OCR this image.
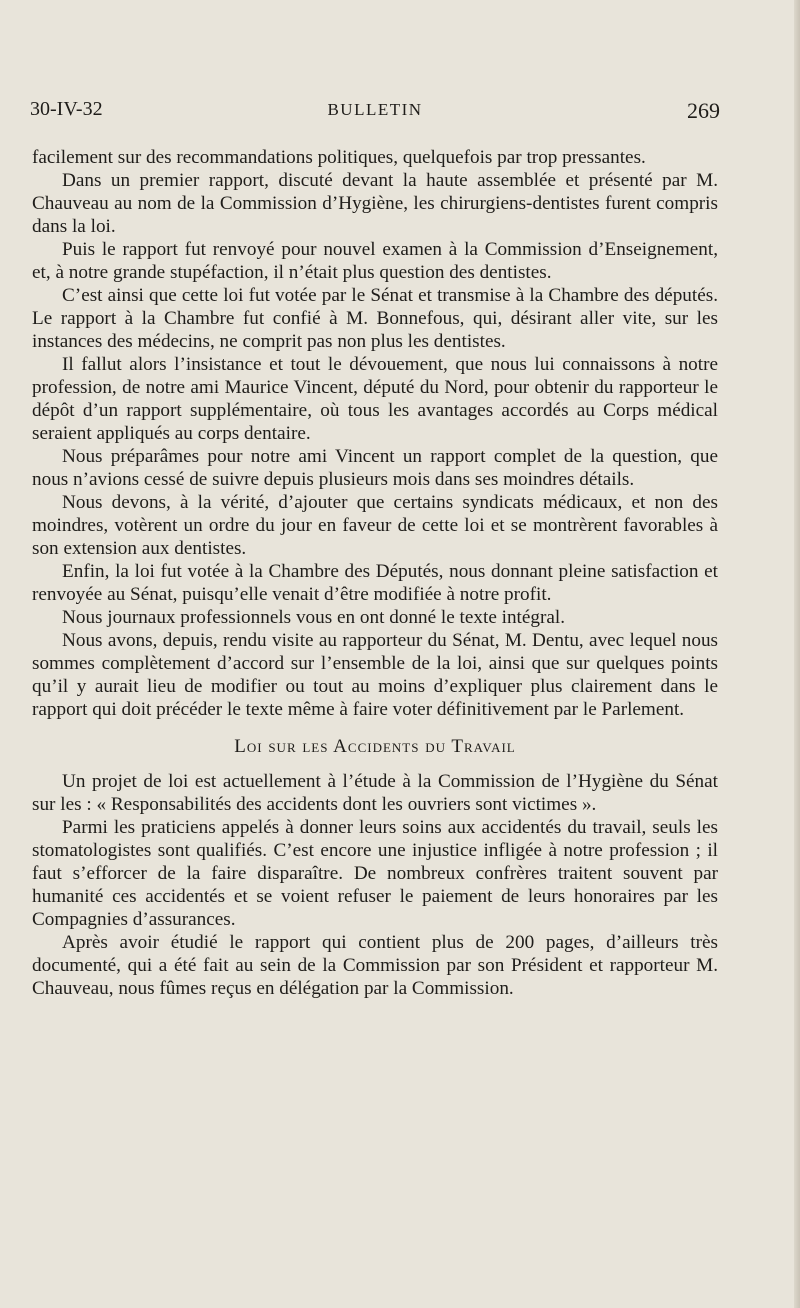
30-IV-32	BULLETIN	269

facilement sur des recommandations politiques, quelquefois par trop pressantes.

Dans un premier rapport, discuté devant la haute assemblée et présenté par M. Chauveau au nom de la Commission d’Hygiène, les chirurgiens-dentistes furent compris dans la loi.

Puis le rapport fut renvoyé pour nouvel examen à la Commission d’Enseignement, et, à notre grande stupéfaction, il n’était plus question des dentistes.

C’est ainsi que cette loi fut votée par le Sénat et transmise à la Chambre des députés. Le rapport à la Chambre fut confié à M. Bonnefous, qui, désirant aller vite, sur les instances des médecins, ne comprit pas non plus les dentistes.

Il fallut alors l’insistance et tout le dévouement, que nous lui connaissons à notre profession, de notre ami Maurice Vincent, député du Nord, pour obtenir du rapporteur le dépôt d’un rapport supplémentaire, où tous les avantages accordés au Corps médical seraient appliqués au corps dentaire.

Nous préparâmes pour notre ami Vincent un rapport complet de la question, que nous n’avions cessé de suivre depuis plusieurs mois dans ses moindres détails.

Nous devons, à la vérité, d’ajouter que certains syndicats médicaux, et non des moindres, votèrent un ordre du jour en faveur de cette loi et se montrèrent favorables à son extension aux dentistes.

Enfin, la loi fut votée à la Chambre des Députés, nous donnant pleine satisfaction et renvoyée au Sénat, puisqu’elle venait d’être modifiée à notre profit.

Nous journaux professionnels vous en ont donné le texte intégral.

Nous avons, depuis, rendu visite au rapporteur du Sénat, M. Dentu, avec lequel nous sommes complètement d’accord sur l’ensemble de la loi, ainsi que sur quelques points qu’il y aurait lieu de modifier ou tout au moins d’expliquer plus clairement dans le rapport qui doit précéder le texte même à faire voter définitivement par le Parlement.

Loi sur les Accidents du Travail

Un projet de loi est actuellement à l’étude à la Commission de l’Hygiène du Sénat sur les : « Responsabilités des accidents dont les ouvriers sont victimes ».

Parmi les praticiens appelés à donner leurs soins aux accidentés du travail, seuls les stomatologistes sont qualifiés. C’est encore une injustice infligée à notre profession ; il faut s’efforcer de la faire disparaître. De nombreux confrères traitent souvent par humanité ces accidentés et se voient refuser le paiement de leurs honoraires par les Compagnies d’assurances.

Après avoir étudié le rapport qui contient plus de 200 pages, d’ailleurs très documenté, qui a été fait au sein de la Commission par son Président et rapporteur M. Chauveau, nous fûmes reçus en délégation par la Commission.
